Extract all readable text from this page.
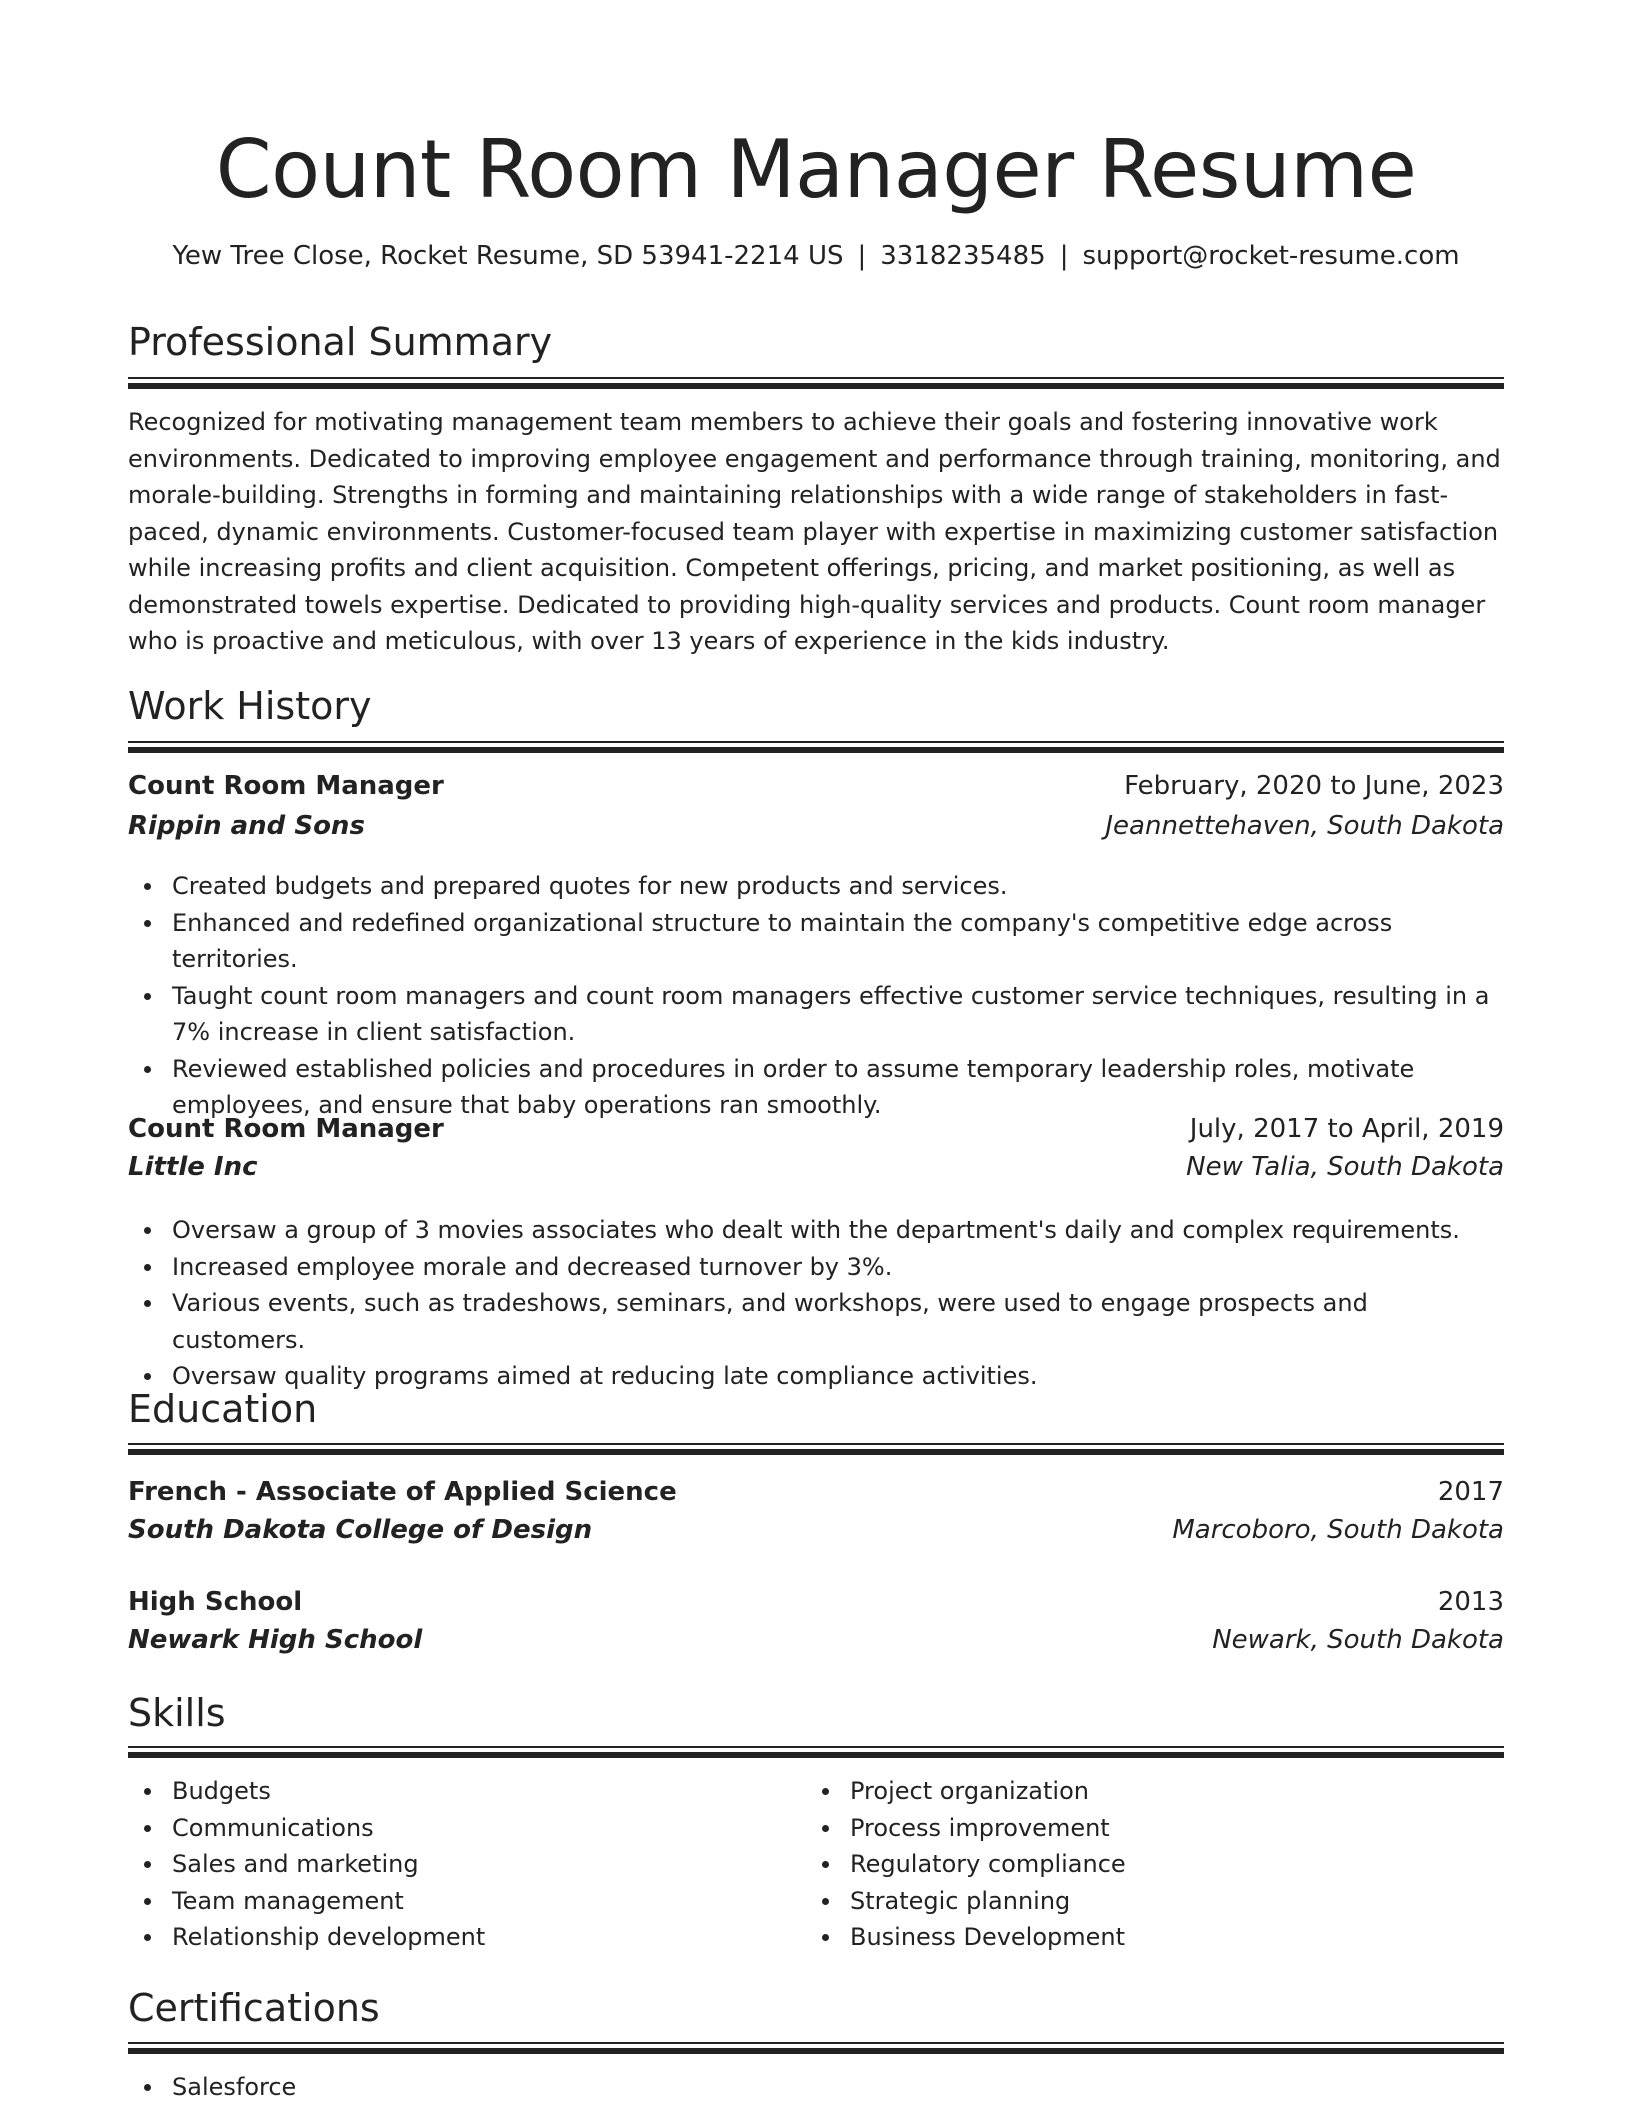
Count Room Manager Resume
Yew Tree Close, Rocket Resume, SD 53941-2214 US | 3318235485 | support@rocket-resume.com
Professional Summary
Recognized for motivating management team members to achieve their goals and fostering innovative work environments. Dedicated to improving employee engagement and performance through training, monitoring, and morale-building. Strengths in forming and maintaining relationships with a wide range of stakeholders in fast-paced, dynamic environments. Customer-focused team player with expertise in maximizing customer satisfaction while increasing profits and client acquisition. Competent offerings, pricing, and market positioning, as well as demonstrated towels expertise. Dedicated to providing high-quality services and products. Count room manager who is proactive and meticulous, with over 13 years of experience in the kids industry.
Work History
Count Room Manager	February, 2020 to June, 2023
Rippin and Sons	Jeannettehaven, South Dakota
Created budgets and prepared quotes for new products and services.
Enhanced and redefined organizational structure to maintain the company's competitive edge across territories.
Taught count room managers and count room managers effective customer service techniques, resulting in a 7% increase in client satisfaction.
Reviewed established policies and procedures in order to assume temporary leadership roles, motivate employees, and ensure that baby operations ran smoothly.
Count Room Manager	July, 2017 to April, 2019
Little Inc	New Talia, South Dakota
Oversaw a group of 3 movies associates who dealt with the department's daily and complex requirements.
Increased employee morale and decreased turnover by 3%.
Various events, such as tradeshows, seminars, and workshops, were used to engage prospects and customers.
Oversaw quality programs aimed at reducing late compliance activities.
Education
French - Associate of Applied Science	2017
South Dakota College of Design	Marcoboro, South Dakota
High School	2013
Newark High School	Newark, South Dakota
Skills
Budgets
Communications
Sales and marketing
Team management
Relationship development
Project organization
Process improvement
Regulatory compliance
Strategic planning
Business Development
Certifications
Salesforce
